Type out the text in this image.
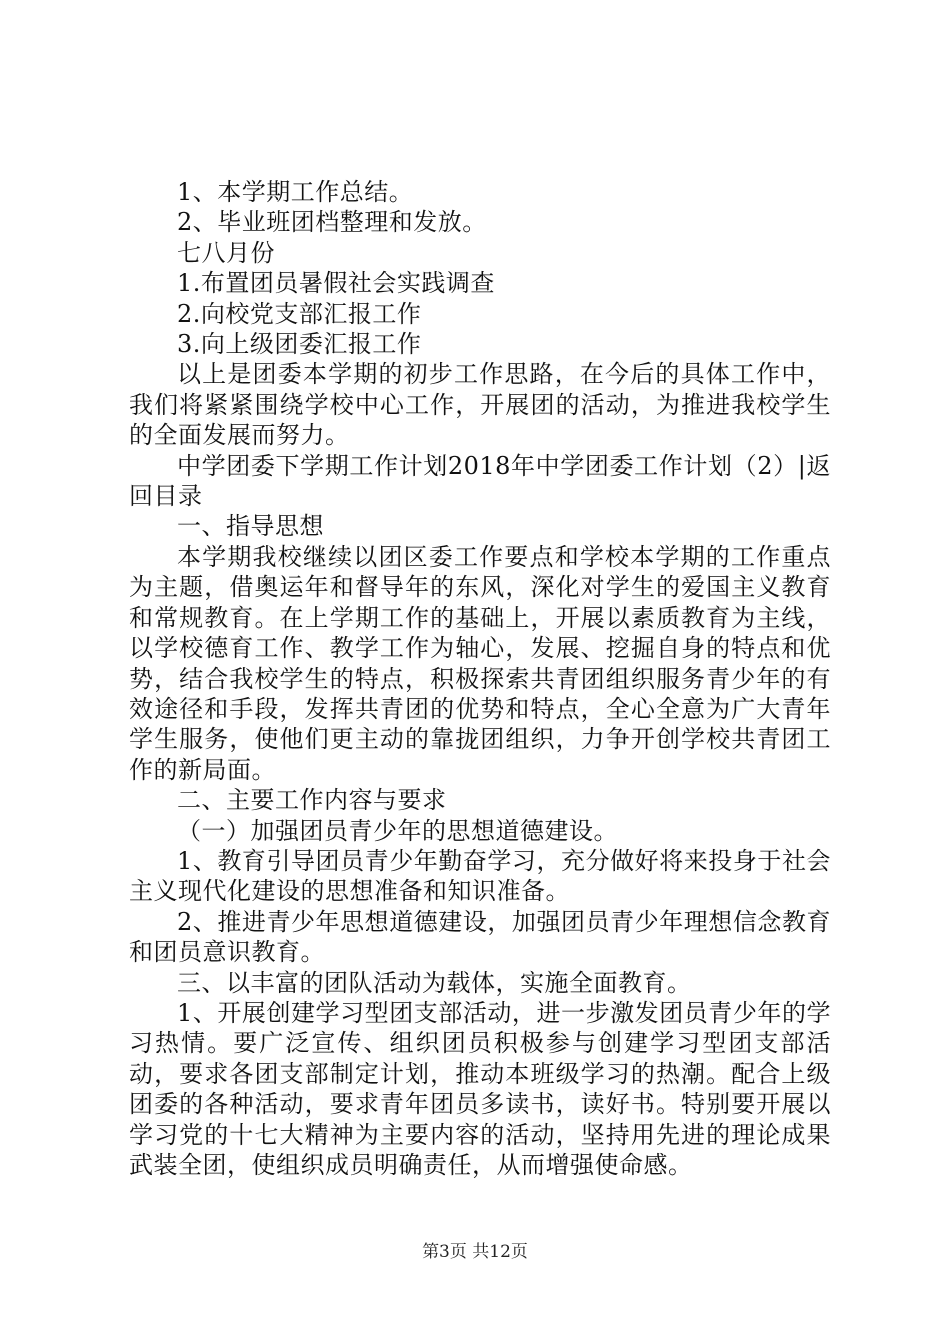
1、本学期工作总结。

2、毕业班团档整理和发放。

七八月份

1.布置团员暑假社会实践调查

2.向校党支部汇报工作

3.向上级团委汇报工作

以上是团委本学期的初步工作思路，在今后的具体工作中，我们将紧紧围绕学校中心工作，开展团的活动，为推进我校学生的全面发展而努力。

中学团委下学期工作计划2018年中学团委工作计划（2）|返回目录

一、指导思想

本学期我校继续以团区委工作要点和学校本学期的工作重点为主题，借奥运年和督导年的东风，深化对学生的爱国主义教育和常规教育。在上学期工作的基础上，开展以素质教育为主线，以学校德育工作、教学工作为轴心，发展、挖掘自身的特点和优势，结合我校学生的特点，积极探索共青团组织服务青少年的有效途径和手段，发挥共青团的优势和特点，全心全意为广大青年学生服务，使他们更主动的靠拢团组织，力争开创学校共青团工作的新局面。

二、主要工作内容与要求

（一）加强团员青少年的思想道德建设。

1、教育引导团员青少年勤奋学习，充分做好将来投身于社会主义现代化建设的思想准备和知识准备。

2、推进青少年思想道德建设，加强团员青少年理想信念教育和团员意识教育。

三、以丰富的团队活动为载体，实施全面教育。

1、开展创建学习型团支部活动，进一步激发团员青少年的学习热情。要广泛宣传、组织团员积极参与创建学习型团支部活动，要求各团支部制定计划，推动本班级学习的热潮。配合上级团委的各种活动，要求青年团员多读书，读好书。特别要开展以学习党的十七大精神为主要内容的活动，坚持用先进的理论成果武装全团，使组织成员明确责任，从而增强使命感。

第3页 共12页
